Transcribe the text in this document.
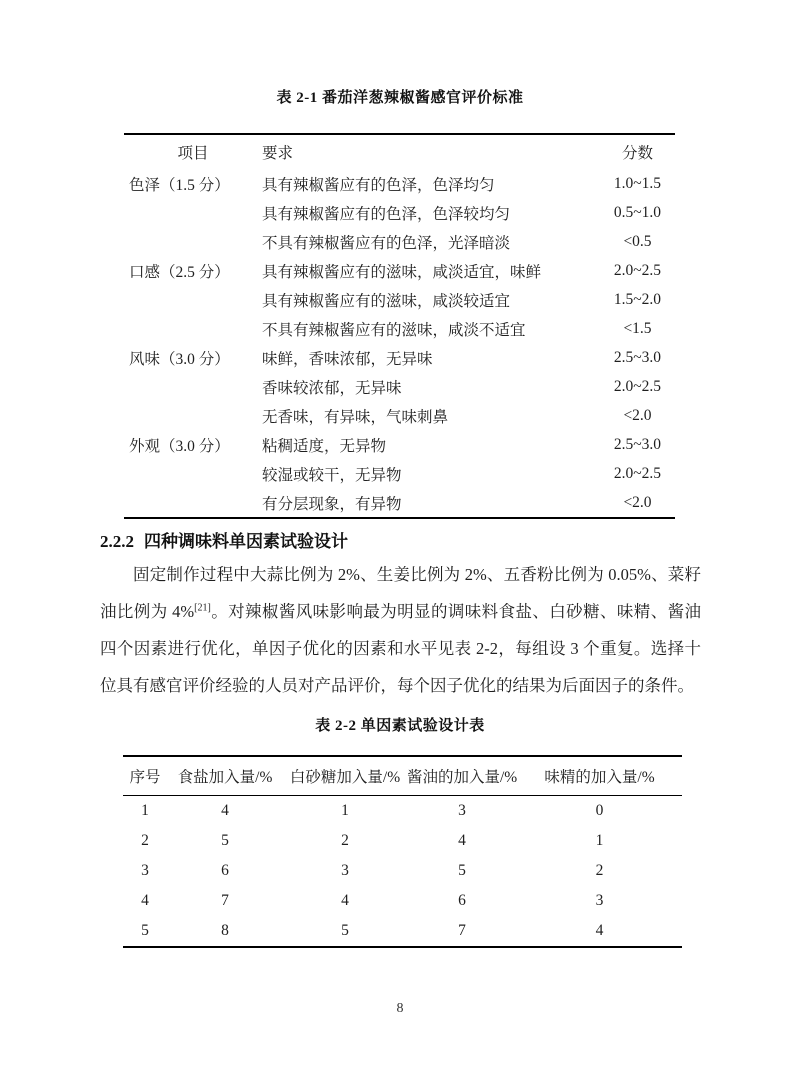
表 2-1 番茄洋葱辣椒酱感官评价标准
项目	要求	分数
色泽（1.5 分）	具有辣椒酱应有的色泽，色泽均匀	1.0~1.5
	具有辣椒酱应有的色泽，色泽较均匀	0.5~1.0
	不具有辣椒酱应有的色泽，光泽暗淡	<0.5
口感（2.5 分）	具有辣椒酱应有的滋味，咸淡适宜，味鲜	2.0~2.5
	具有辣椒酱应有的滋味，咸淡较适宜	1.5~2.0
	不具有辣椒酱应有的滋味，咸淡不适宜	<1.5
风味（3.0 分）	味鲜，香味浓郁，无异味	2.5~3.0
	香味较浓郁，无异味	2.0~2.5
	无香味，有异味，气味刺鼻	<2.0
外观（3.0 分）	粘稠适度，无异物	2.5~3.0
	较湿或较干，无异物	2.0~2.5
	有分层现象，有异物	<2.0
2.2.2 四种调味料单因素试验设计
固定制作过程中大蒜比例为 2%、生姜比例为 2%、五香粉比例为 0.05%、菜籽油比例为 4%[21]。对辣椒酱风味影响最为明显的调味料食盐、白砂糖、味精、酱油四个因素进行优化，单因子优化的因素和水平见表 2-2，每组设 3 个重复。选择十位具有感官评价经验的人员对产品评价，每个因子优化的结果为后面因子的条件。
表 2-2 单因素试验设计表
序号	食盐加入量/%	白砂糖加入量/%	酱油的加入量/%	味精的加入量/%
1	4	1	3	0
2	5	2	4	1
3	6	3	5	2
4	7	4	6	3
5	8	5	7	4
8
